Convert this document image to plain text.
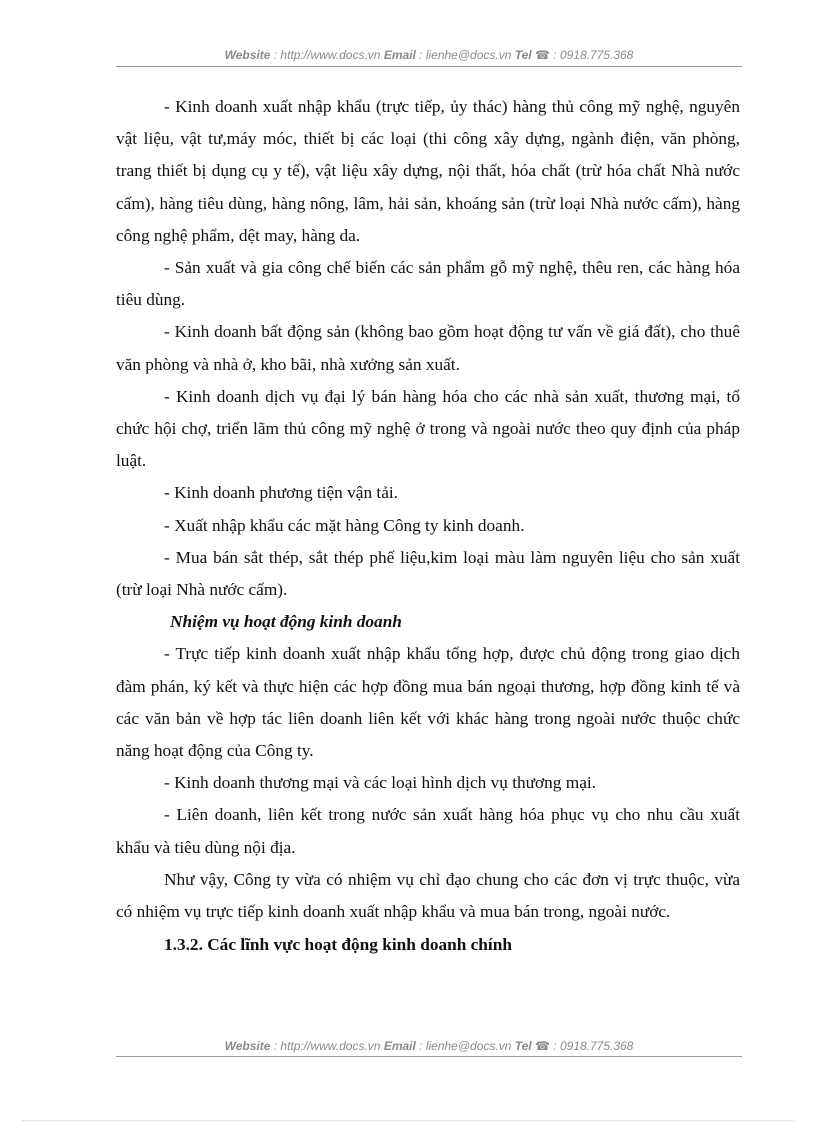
Website : http://www.docs.vn Email : lienhe@docs.vn Tel ☎ : 0918.775.368

- Kinh doanh xuất nhập khẩu (trực tiếp, ủy thác) hàng thủ công mỹ nghệ, nguyên vật liệu, vật tư,máy móc, thiết bị các loại (thi công xây dựng, ngành điện, văn phòng, trang thiết bị dụng cụ y tế), vật liệu xây dựng, nội thất, hóa chất (trừ hóa chất Nhà nước cấm), hàng tiêu dùng, hàng nông, lâm, hải sản, khoáng sản (trừ loại Nhà nước cấm), hàng công nghệ phẩm, dệt may, hàng da.

- Sản xuất và gia công chế biến các sản phẩm gỗ mỹ nghệ, thêu ren, các hàng hóa tiêu dùng.

- Kinh doanh bất động sản (không bao gồm hoạt động tư vấn về giá đất), cho thuê văn phòng và nhà ở, kho bãi, nhà xưởng sản xuất.

- Kinh doanh dịch vụ đại lý bán hàng hóa cho các nhà sản xuất, thương mại, tổ chức hội chợ, triển lãm thủ công mỹ nghệ ở trong và ngoài nước theo quy định của pháp luật.

- Kinh doanh phương tiện vận tải.

- Xuất nhập khẩu các mặt hàng Công ty kinh doanh.

- Mua bán sắt thép, sắt thép phế liệu,kim loại màu làm nguyên liệu cho sản xuất (trừ loại Nhà nước cấm).

Nhiệm vụ hoạt động kinh doanh

- Trực tiếp kinh doanh xuất nhập khẩu tổng hợp, được chủ động trong giao dịch đàm phán, ký kết và thực hiện các hợp đồng mua bán ngoại thương, hợp đồng kinh tế và các văn bản về hợp tác liên doanh liên kết với khác hàng trong ngoài nước thuộc chức năng hoạt động của Công ty.

- Kinh doanh thương mại và các loại hình dịch vụ thương mại.

- Liên doanh, liên kết trong nước sản xuất hàng hóa phục vụ cho nhu cầu xuất khẩu và tiêu dùng nội địa.

Như vậy, Công ty vừa có nhiệm vụ chỉ đạo chung cho các đơn vị trực thuộc, vừa có nhiệm vụ trực tiếp kinh doanh xuất nhập khẩu và mua bán trong, ngoài nước.

1.3.2. Các lĩnh vực hoạt động kinh doanh chính

Website : http://www.docs.vn Email : lienhe@docs.vn Tel ☎ : 0918.775.368
